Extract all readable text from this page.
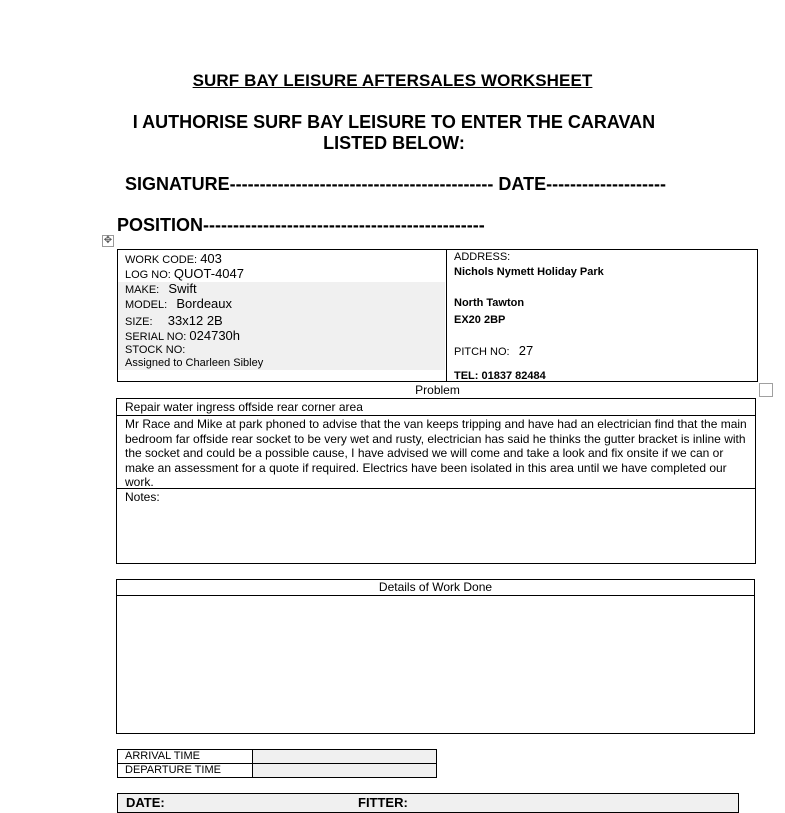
SURF BAY LEISURE AFTERSALES WORKSHEET
I AUTHORISE SURF BAY LEISURE TO ENTER THE CARAVAN
LISTED BELOW:
SIGNATURE-------------------------------------------- DATE--------------------
POSITION-----------------------------------------------
✥
WORK CODE: 403
LOG NO: QUOT-4047
MAKE: Swift
MODEL: Bordeaux
SIZE: 33x12 2B
SERIAL NO: 024730h
STOCK NO:
Assigned to Charleen Sibley
ADDRESS:
Nichols Nymett Holiday Park
North Tawton
EX20 2BP
PITCH NO: 27
TEL: 01837 82484
Problem
Repair water ingress offside rear corner area
Mr Race and Mike at park phoned to advise that the van keeps tripping and have had an electrician find that the main bedroom far offside rear socket to be very wet and rusty, electrician has said he thinks the gutter bracket is inline with the socket and could be a possible cause, I have advised we will come and take a look and fix onsite if we can or make an assessment for a quote if required. Electrics have been isolated in this area until we have completed our work.
Notes:
Details of Work Done
ARRIVAL TIME
DEPARTURE TIME
DATE:	FITTER:
